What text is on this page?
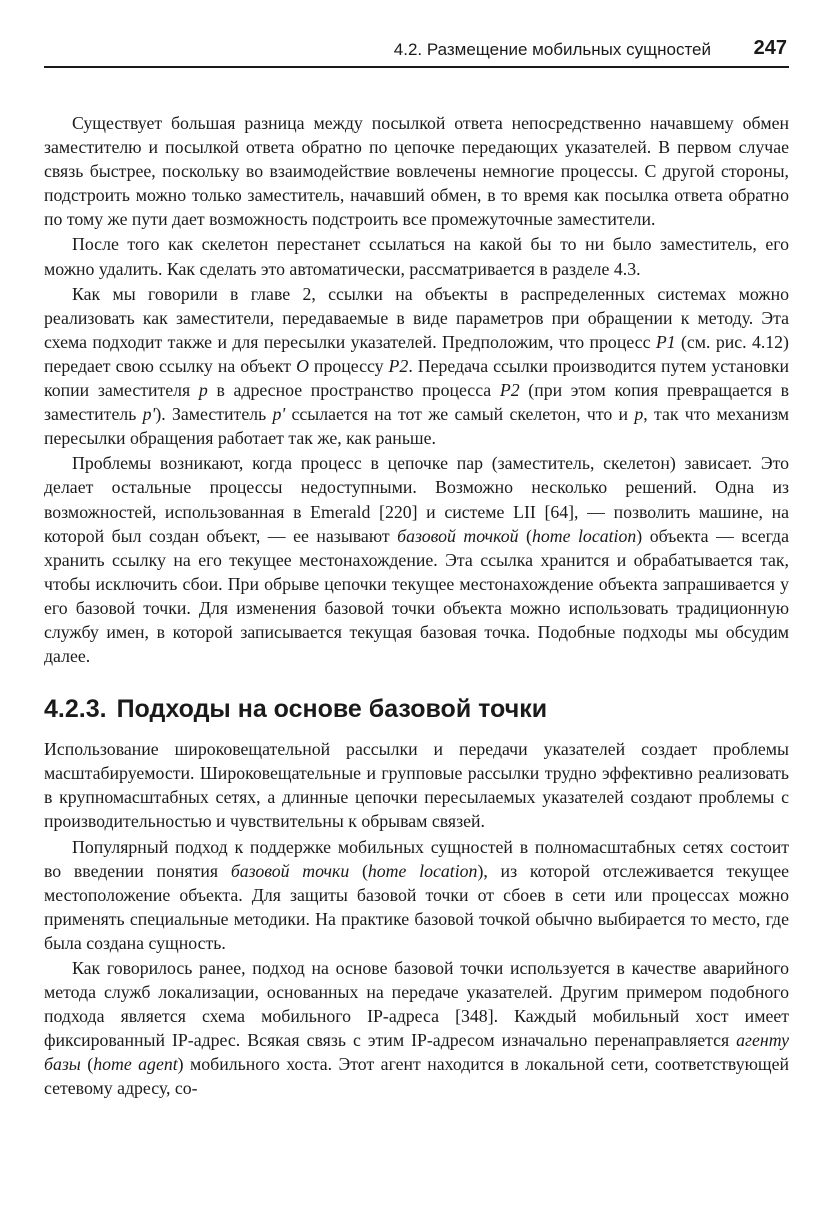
4.2. Размещение мобильных сущностей 247

Существует большая разница между посылкой ответа непосредственно начавшему обмен заместителю и посылкой ответа обратно по цепочке передающих указателей. В первом случае связь быстрее, поскольку во взаимодействие вовлечены немногие процессы. С другой стороны, подстроить можно только заместитель, начавший обмен, в то время как посылка ответа обратно по тому же пути дает возможность подстроить все промежуточные заместители.

После того как скелетон перестанет ссылаться на какой бы то ни было заместитель, его можно удалить. Как сделать это автоматически, рассматривается в разделе 4.3.

Как мы говорили в главе 2, ссылки на объекты в распределенных системах можно реализовать как заместители, передаваемые в виде параметров при обращении к методу. Эта схема подходит также и для пересылки указателей. Предположим, что процесс P1 (см. рис. 4.12) передает свою ссылку на объект O процессу P2. Передача ссылки производится путем установки копии заместителя p в адресное пространство процесса P2 (при этом копия превращается в заместитель p'). Заместитель p' ссылается на тот же самый скелетон, что и p, так что механизм пересылки обращения работает так же, как раньше.

Проблемы возникают, когда процесс в цепочке пар (заместитель, скелетон) зависает. Это делает остальные процессы недоступными. Возможно несколько решений. Одна из возможностей, использованная в Emerald [220] и системе LII [64], — позволить машине, на которой был создан объект, — ее называют базовой точкой (home location) объекта — всегда хранить ссылку на его текущее местонахождение. Эта ссылка хранится и обрабатывается так, чтобы исключить сбои. При обрыве цепочки текущее местонахождение объекта запрашивается у его базовой точки. Для изменения базовой точки объекта можно использовать традиционную службу имен, в которой записывается текущая базовая точка. Подобные подходы мы обсудим далее.

4.2.3. Подходы на основе базовой точки

Использование широковещательной рассылки и передачи указателей создает проблемы масштабируемости. Широковещательные и групповые рассылки трудно эффективно реализовать в крупномасштабных сетях, а длинные цепочки пересылаемых указателей создают проблемы с производительностью и чувствительны к обрывам связей.

Популярный подход к поддержке мобильных сущностей в полномасштабных сетях состоит во введении понятия базовой точки (home location), из которой отслеживается текущее местоположение объекта. Для защиты базовой точки от сбоев в сети или процессах можно применять специальные методики. На практике базовой точкой обычно выбирается то место, где была создана сущность.

Как говорилось ранее, подход на основе базовой точки используется в качестве аварийного метода служб локализации, основанных на передаче указателей. Другим примером подобного подхода является схема мобильного IP-адреса [348]. Каждый мобильный хост имеет фиксированный IP-адрес. Всякая связь с этим IP-адресом изначально перенаправляется агенту базы (home agent) мобильного хоста. Этот агент находится в локальной сети, соответствующей сетевому адресу, со-
